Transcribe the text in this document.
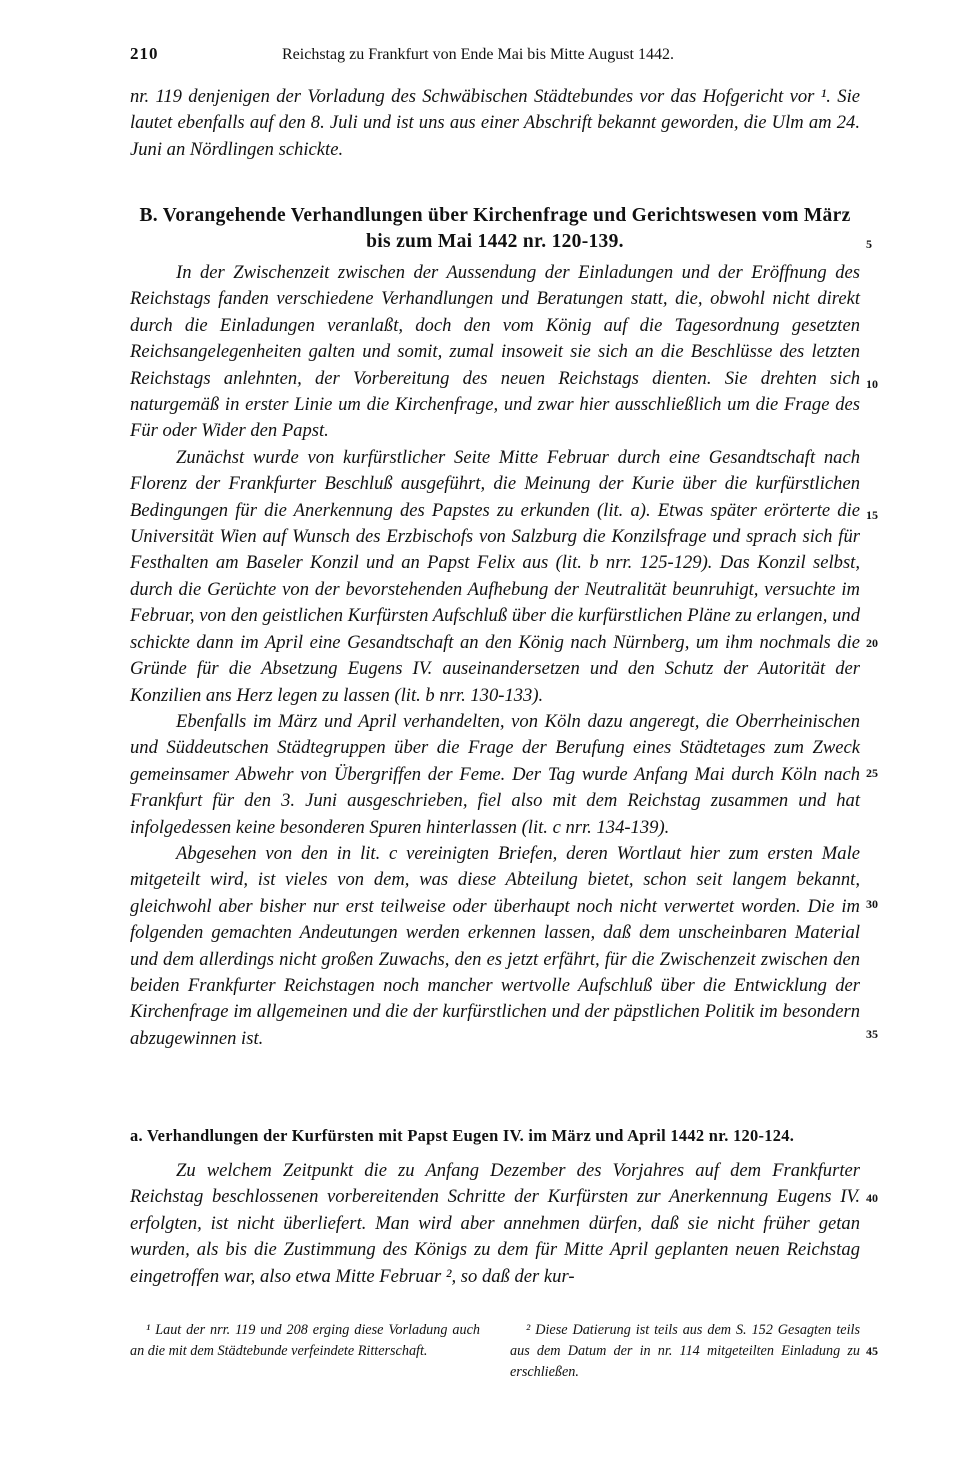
210	Reichstag zu Frankfurt von Ende Mai bis Mitte August 1442.

nr. 119 denjenigen der Vorladung des Schwäbischen Städtebundes vor das Hofgericht vor ¹. Sie lautet ebenfalls auf den 8. Juli und ist uns aus einer Abschrift bekannt geworden, die Ulm am 24. Juni an Nördlingen schickte.

B. Vorangehende Verhandlungen über Kirchenfrage und Gerichtswesen vom März bis zum Mai 1442 nr. 120-139.

In der Zwischenzeit zwischen der Aussendung der Einladungen und der Eröffnung des Reichstags fanden verschiedene Verhandlungen und Beratungen statt, die, obwohl nicht direkt durch die Einladungen veranlaßt, doch den vom König auf die Tagesordnung gesetzten Reichsangelegenheiten galten und somit, zumal insoweit sie sich an die Beschlüsse des letzten Reichstags anlehnten, der Vorbereitung des neuen Reichstags dienten. Sie drehten sich naturgemäß in erster Linie um die Kirchenfrage, und zwar hier ausschließlich um die Frage des Für oder Wider den Papst.

Zunächst wurde von kurfürstlicher Seite Mitte Februar durch eine Gesandtschaft nach Florenz der Frankfurter Beschluß ausgeführt, die Meinung der Kurie über die kurfürstlichen Bedingungen für die Anerkennung des Papstes zu erkunden (lit. a). Etwas später erörterte die Universität Wien auf Wunsch des Erzbischofs von Salzburg die Konzilsfrage und sprach sich für Festhalten am Baseler Konzil und an Papst Felix aus (lit. b nrr. 125-129). Das Konzil selbst, durch die Gerüchte von der bevorstehenden Aufhebung der Neutralität beunruhigt, versuchte im Februar, von den geistlichen Kurfürsten Aufschluß über die kurfürstlichen Pläne zu erlangen, und schickte dann im April eine Gesandtschaft an den König nach Nürnberg, um ihm nochmals die Gründe für die Absetzung Eugens IV. auseinandersetzen und den Schutz der Autorität der Konzilien ans Herz legen zu lassen (lit. b nrr. 130-133).

Ebenfalls im März und April verhandelten, von Köln dazu angeregt, die Oberrheinischen und Süddeutschen Städtegruppen über die Frage der Berufung eines Städtetages zum Zweck gemeinsamer Abwehr von Übergriffen der Feme. Der Tag wurde Anfang Mai durch Köln nach Frankfurt für den 3. Juni ausgeschrieben, fiel also mit dem Reichstag zusammen und hat infolgedessen keine besonderen Spuren hinterlassen (lit. c nrr. 134-139).

Abgesehen von den in lit. c vereinigten Briefen, deren Wortlaut hier zum ersten Male mitgeteilt wird, ist vieles von dem, was diese Abteilung bietet, schon seit langem bekannt, gleichwohl aber bisher nur erst teilweise oder überhaupt noch nicht verwertet worden. Die im folgenden gemachten Andeutungen werden erkennen lassen, daß dem unscheinbaren Material und dem allerdings nicht großen Zuwachs, den es jetzt erfährt, für die Zwischenzeit zwischen den beiden Frankfurter Reichstagen noch mancher wertvolle Aufschluß über die Entwicklung der Kirchenfrage im allgemeinen und die der kurfürstlichen und der päpstlichen Politik im besondern abzugewinnen ist.

a. Verhandlungen der Kurfürsten mit Papst Eugen IV. im März und April 1442 nr. 120-124.

Zu welchem Zeitpunkt die zu Anfang Dezember des Vorjahres auf dem Frankfurter Reichstag beschlossenen vorbereitenden Schritte der Kurfürsten zur Anerkennung Eugens IV. erfolgten, ist nicht überliefert. Man wird aber annehmen dürfen, daß sie nicht früher getan wurden, als bis die Zustimmung des Königs zu dem für Mitte April geplanten neuen Reichstag eingetroffen war, also etwa Mitte Februar ², so daß der kur-

¹ Laut der nrr. 119 und 208 erging diese Vorladung auch an die mit dem Städtebunde verfeindete Ritterschaft.

² Diese Datierung ist teils aus dem S. 152 Gesagten teils aus dem Datum der in nr. 114 mitgeteilten Einladung zu erschließen.

5
10
15
20
25
30
35
40
45
